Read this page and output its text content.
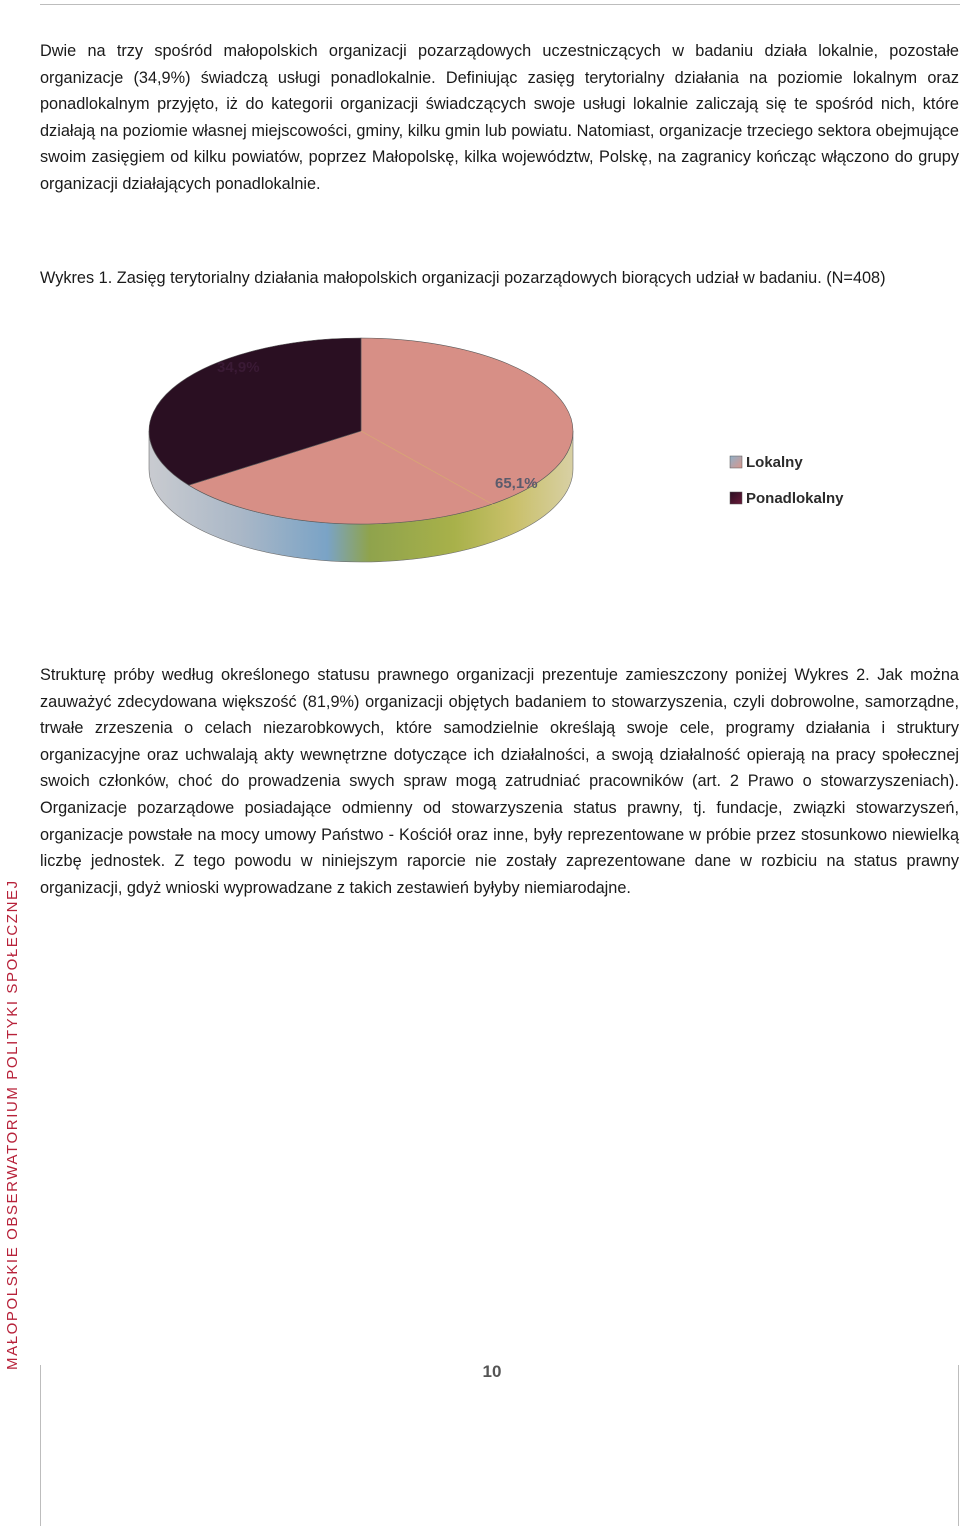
Dwie na trzy spośród małopolskich organizacji pozarządowych uczestniczących w badaniu działa lokalnie, pozostałe organizacje (34,9%) świadczą usługi ponadlokalnie. Definiując zasięg terytorialny działania na poziomie lokalnym oraz ponadlokalnym przyjęto, iż do kategorii organizacji świadczących swoje usługi lokalnie zaliczają się te spośród nich, które działają na poziomie własnej miejscowości, gminy, kilku gmin lub powiatu. Natomiast, organizacje trzeciego sektora obejmujące swoim zasięgiem od kilku powiatów, poprzez Małopolskę, kilka województw, Polskę, na zagranicy kończąc włączono do grupy organizacji działających ponadlokalnie.

Wykres 1. Zasięg terytorialny działania małopolskich organizacji pozarządowych biorących udział w badaniu. (N=408)

65,1%
34,9%
Lokalny
Ponadlokalny

Strukturę próby według określonego statusu prawnego organizacji prezentuje zamieszczony poniżej Wykres 2. Jak można zauważyć zdecydowana większość (81,9%) organizacji objętych badaniem to stowarzyszenia, czyli dobrowolne, samorządne, trwałe zrzeszenia o celach niezarobkowych, które samodzielnie określają swoje cele, programy działania i struktury organizacyjne oraz uchwalają akty wewnętrzne dotyczące ich działalności, a swoją działalność opierają na pracy społecznej swoich członków, choć do prowadzenia swych spraw mogą zatrudniać pracowników (art. 2 Prawo o stowarzyszeniach). Organizacje pozarządowe posiadające odmienny od stowarzyszenia status prawny, tj. fundacje, związki stowarzyszeń, organizacje powstałe na mocy umowy Państwo - Kościół oraz inne, były reprezentowane w próbie przez stosunkowo niewielką liczbę jednostek. Z tego powodu w niniejszym raporcie nie zostały zaprezentowane dane w rozbiciu na status prawny organizacji, gdyż wnioski wyprowadzane z takich zestawień byłyby niemiarodajne.

MAŁOPOLSKIE OBSERWATORIUM POLITYKI SPOŁECZNEJ
10
